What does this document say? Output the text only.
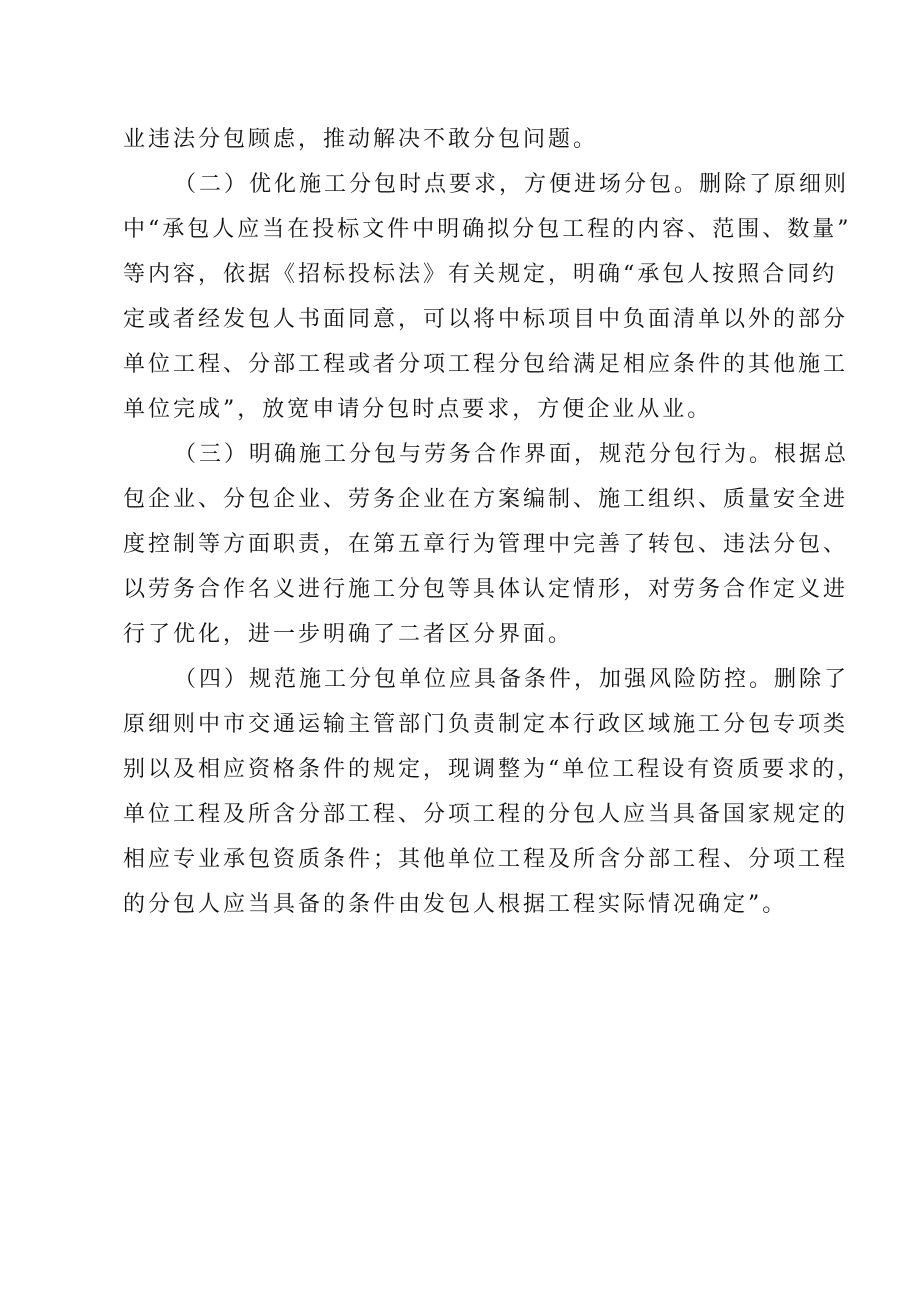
业违法分包顾虑，推动解决不敢分包问题。
（二）优化施工分包时点要求，方便进场分包。删除了原细则
中“承包人应当在投标文件中明确拟分包工程的内容、范围、数量”
等内容，依据《招标投标法》有关规定，明确“承包人按照合同约
定或者经发包人书面同意，可以将中标项目中负面清单以外的部分
单位工程、分部工程或者分项工程分包给满足相应条件的其他施工
单位完成”，放宽申请分包时点要求，方便企业从业。
（三）明确施工分包与劳务合作界面，规范分包行为。根据总
包企业、分包企业、劳务企业在方案编制、施工组织、质量安全进
度控制等方面职责，在第五章行为管理中完善了转包、违法分包、
以劳务合作名义进行施工分包等具体认定情形，对劳务合作定义进
行了优化，进一步明确了二者区分界面。
（四）规范施工分包单位应具备条件，加强风险防控。删除了
原细则中市交通运输主管部门负责制定本行政区域施工分包专项类
别以及相应资格条件的规定，现调整为“单位工程设有资质要求的，
单位工程及所含分部工程、分项工程的分包人应当具备国家规定的
相应专业承包资质条件；其他单位工程及所含分部工程、分项工程
的分包人应当具备的条件由发包人根据工程实际情况确定”。
